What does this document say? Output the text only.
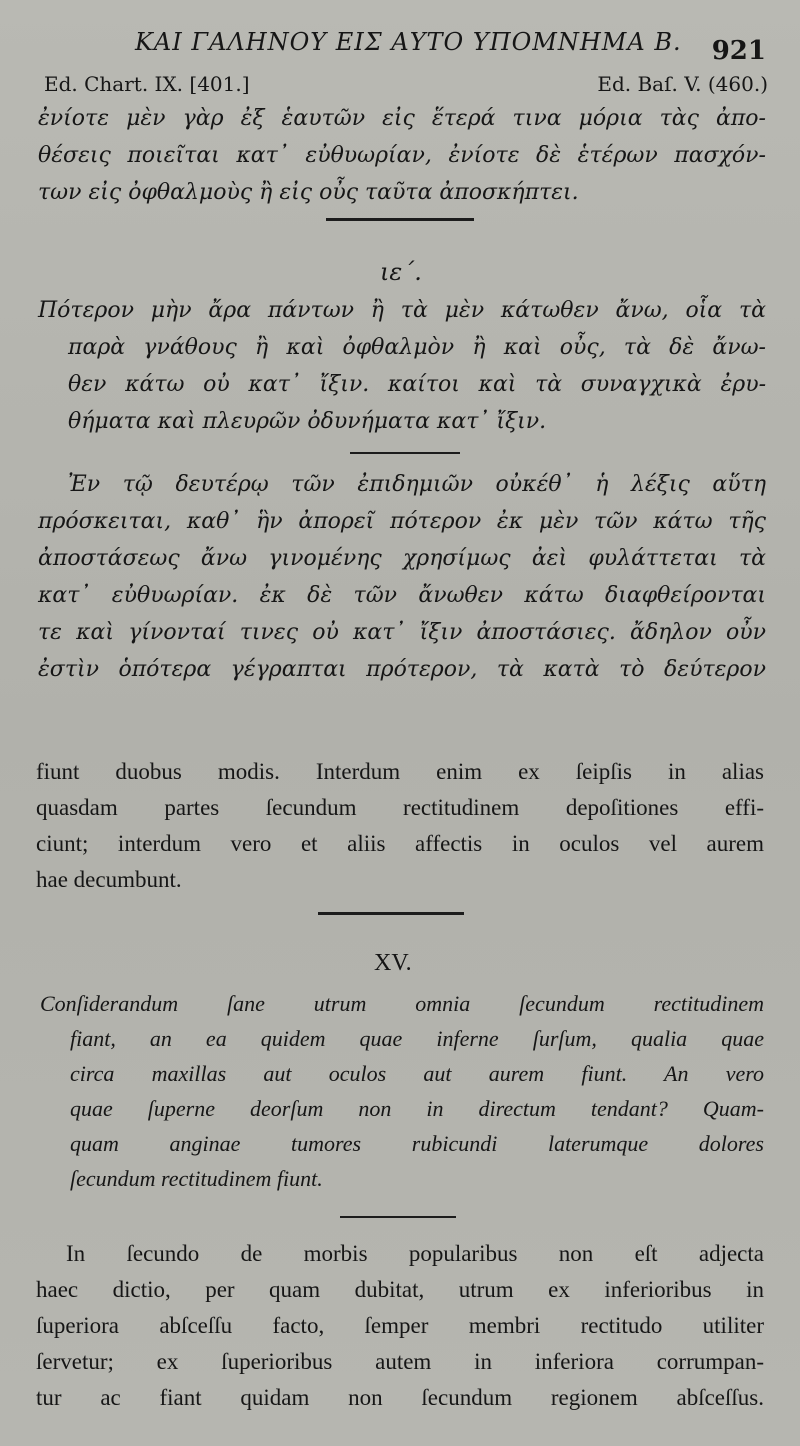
ΚΑΙ ΓΑΛΗΝΟΥ ΕΙΣ ΑΥΤΟ ΥΠΟΜΝΗΜΑ Β. 921
Ed. Chart. IX. [401.]	Ed. Baſ. V. (460.)
ἐνίοτε μὲν γὰρ ἐξ ἑαυτῶν εἰς ἕτερά τινα μόρια τὰς ἀπο-
θέσεις ποιεῖται κατ᾽ εὐθυωρίαν, ἐνίοτε δὲ ἑτέρων πασχόν-
των εἰς ὀφθαλμοὺς ἢ εἰς οὖς ταῦτα ἀποσκήπτει.
ιε΄.
Πότερον μὴν ἄρα πάντων ἢ τὰ μὲν κάτωθεν ἄνω, οἷα τὰ
παρὰ γνάθους ἢ καὶ ὀφθαλμὸν ἢ καὶ οὖς, τὰ δὲ ἄνω-
θεν κάτω οὐ κατ᾽ ἴξιν. καίτοι καὶ τὰ συναγχικὰ ἐρυ-
θήματα καὶ πλευρῶν ὀδυνήματα κατ᾽ ἴξιν.
Ἐν τῷ δευτέρῳ τῶν ἐπιδημιῶν οὐκέθ᾽ ἡ λέξις αὕτη
πρόσκειται, καθ᾽ ἣν ἀπορεῖ πότερον ἐκ μὲν τῶν κάτω τῆς
ἀποστάσεως ἄνω γινομένης χρησίμως ἀεὶ φυλάττεται τὰ
κατ᾽ εὐθυωρίαν. ἐκ δὲ τῶν ἄνωθεν κάτω διαφθείρονται
τε καὶ γίνονταί τινες οὐ κατ᾽ ἴξιν ἀποστάσιες. ἄδηλον οὖν
ἐστὶν ὁπότερα γέγραπται πρότερον, τὰ κατὰ τὸ δεύτερον
fiunt duobus modis. Interdum enim ex ſeipſis in alias
quasdam partes ſecundum rectitudinem depoſitiones effi-
ciunt; interdum vero et aliis affectis in oculos vel aurem
hae decumbunt.
XV.
Conſiderandum ſane utrum omnia ſecundum rectitudinem
fiant, an ea quidem quae inferne ſurſum, qualia quae
circa maxillas aut oculos aut aurem fiunt. An vero
quae ſuperne deorſum non in directum tendant? Quam-
quam anginae tumores rubicundi laterumque dolores
ſecundum rectitudinem fiunt.
In ſecundo de morbis popularibus non eſt adjecta
haec dictio, per quam dubitat, utrum ex inferioribus in
ſuperiora abſceſſu facto, ſemper membri rectitudo utiliter
ſervetur; ex ſuperioribus autem in inferiora corrumpan-
tur ac fiant quidam non ſecundum regionem abſceſſus.
